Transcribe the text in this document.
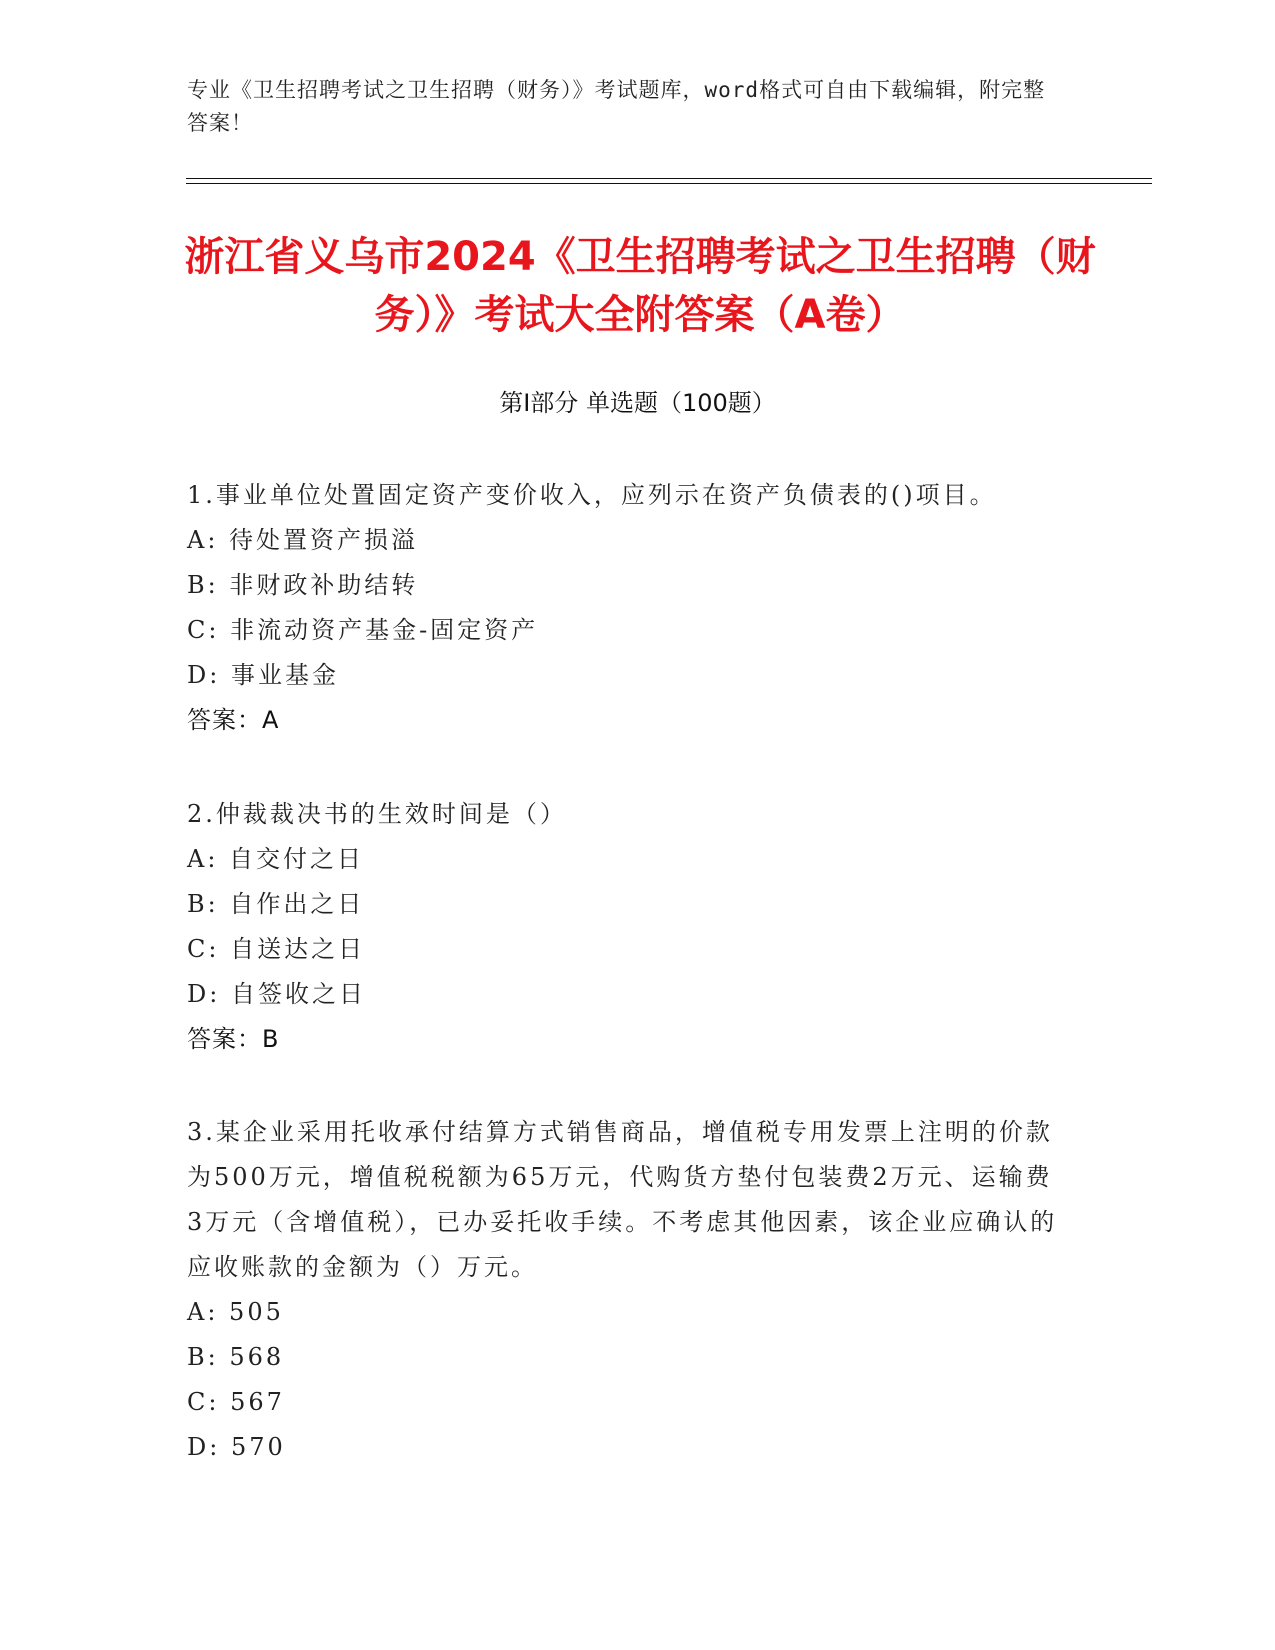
专业《卫生招聘考试之卫生招聘（财务）》考试题库，word格式可自由下载编辑，附完整答案！
浙江省义乌市2024《卫生招聘考试之卫生招聘（财务）》考试大全附答案（A卷）
第Ⅰ部分 单选题（100题）
1.事业单位处置固定资产变价收入，应列示在资产负债表的()项目。
A: 待处置资产损溢
B: 非财政补助结转
C: 非流动资产基金-固定资产
D: 事业基金
答案：A
2.仲裁裁决书的生效时间是（）
A: 自交付之日
B: 自作出之日
C: 自送达之日
D: 自签收之日
答案：B
3.某企业采用托收承付结算方式销售商品，增值税专用发票上注明的价款为500万元，增值税税额为65万元，代购货方垫付包装费2万元、运输费3万元（含增值税），已办妥托收手续。不考虑其他因素，该企业应确认的应收账款的金额为（）万元。
A: 505
B: 568
C: 567
D: 570
